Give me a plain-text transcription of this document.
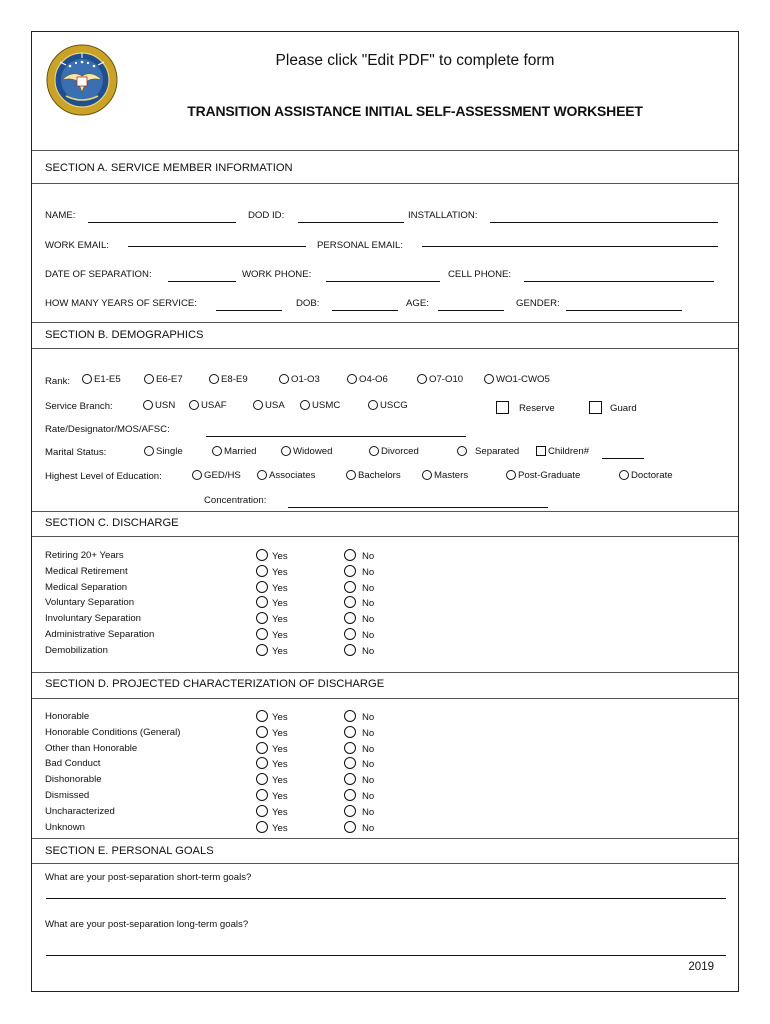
Please click "Edit PDF" to complete form
TRANSITION ASSISTANCE INITIAL SELF-ASSESSMENT WORKSHEET
SECTION A. SERVICE MEMBER INFORMATION
NAME:	DOD ID:	INSTALLATION:
WORK EMAIL:	PERSONAL EMAIL:
DATE OF SEPARATION:	WORK PHONE:	CELL PHONE:
HOW MANY YEARS OF SERVICE:	DOB:	AGE:	GENDER:
SECTION B. DEMOGRAPHICS
Rank:	E1-E5	E6-E7	E8-E9	O1-O3	O4-O6	O7-O10	WO1-CWO5
Service Branch:	USN	USAF	USA	USMC	USCG	Reserve	Guard
Rate/Designator/MOS/AFSC:
Marital Status:	Single	Married	Widowed	Divorced	Separated	Children#
Highest Level of Education:	GED/HS	Associates	Bachelors	Masters	Post-Graduate	Doctorate
Concentration:
SECTION C. DISCHARGE
Retiring 20+ Years	Yes	No
Medical Retirement	Yes	No
Medical Separation	Yes	No
Voluntary Separation	Yes	No
Involuntary Separation	Yes	No
Administrative Separation	Yes	No
Demobilization	Yes	No
SECTION D. PROJECTED CHARACTERIZATION OF DISCHARGE
Honorable	Yes	No
Honorable Conditions (General)	Yes	No
Other than Honorable	Yes	No
Bad Conduct	Yes	No
Dishonorable	Yes	No
Dismissed	Yes	No
Uncharacterized	Yes	No
Unknown	Yes	No
SECTION E. PERSONAL GOALS
What are your post-separation short-term goals?
What are your post-separation long-term goals?
2019
